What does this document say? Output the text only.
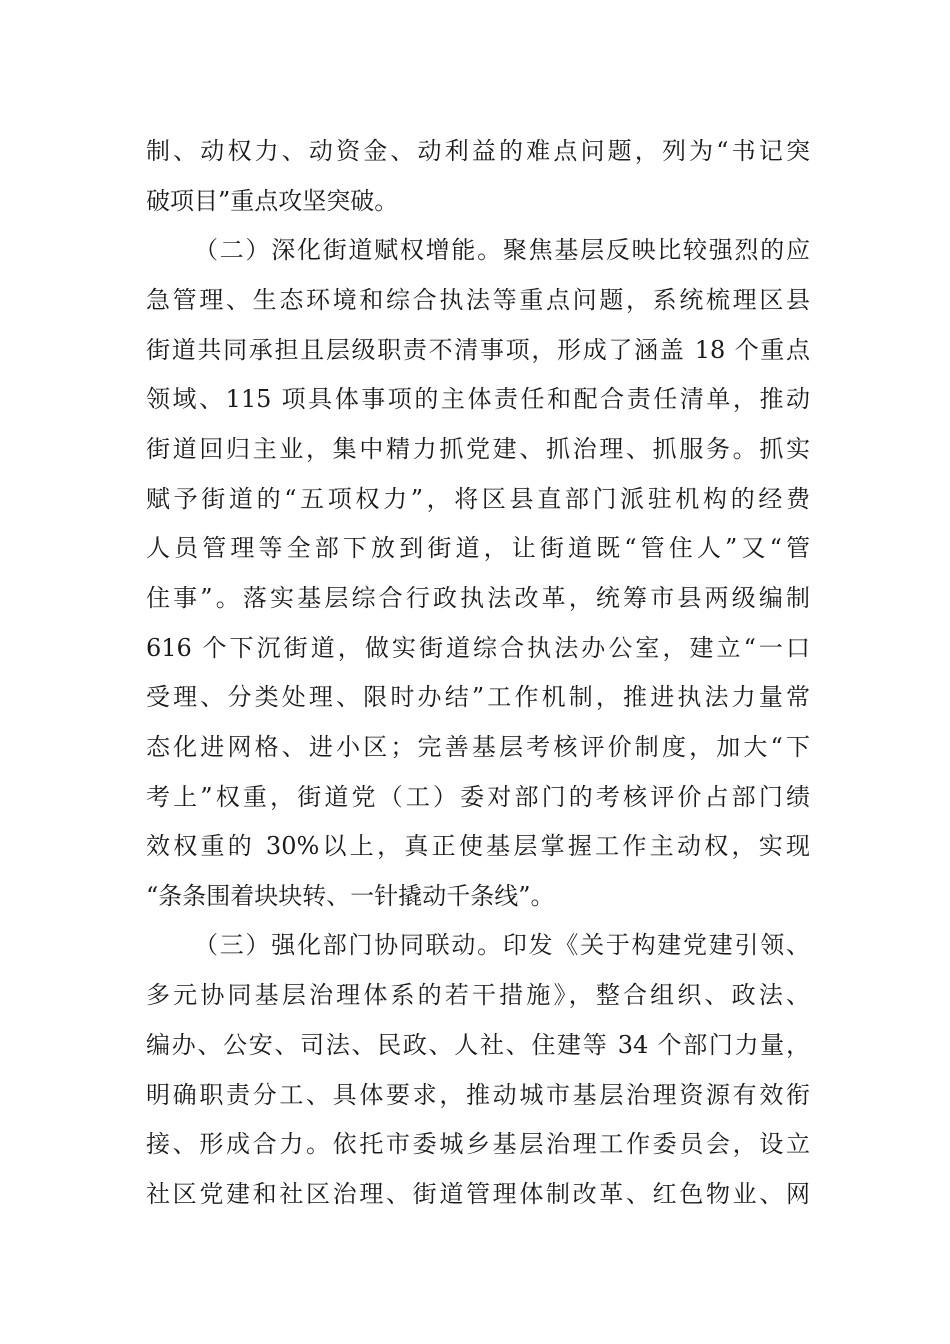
制、动权力、动资金、动利益的难点问题，列为“书记突
破项目”重点攻坚突破。
（二）深化街道赋权增能。聚焦基层反映比较强烈的应
急管理、生态环境和综合执法等重点问题，系统梳理区县
街道共同承担且层级职责不清事项，形成了涵盖 18 个重点
领域、115 项具体事项的主体责任和配合责任清单，推动
街道回归主业，集中精力抓党建、抓治理、抓服务。抓实
赋予街道的“五项权力”，将区县直部门派驻机构的经费
人员管理等全部下放到街道，让街道既“管住人”又“管
住事”。落实基层综合行政执法改革，统筹市县两级编制
616 个下沉街道，做实街道综合执法办公室，建立“一口
受理、分类处理、限时办结”工作机制，推进执法力量常
态化进网格、进小区；完善基层考核评价制度，加大“下
考上”权重，街道党（工）委对部门的考核评价占部门绩
效权重的 30%以上，真正使基层掌握工作主动权，实现
“条条围着块块转、一针撬动千条线”。
（三）强化部门协同联动。印发《关于构建党建引领、
多元协同基层治理体系的若干措施》，整合组织、政法、
编办、公安、司法、民政、人社、住建等 34 个部门力量，
明确职责分工、具体要求，推动城市基层治理资源有效衔
接、形成合力。依托市委城乡基层治理工作委员会，设立
社区党建和社区治理、街道管理体制改革、红色物业、网
